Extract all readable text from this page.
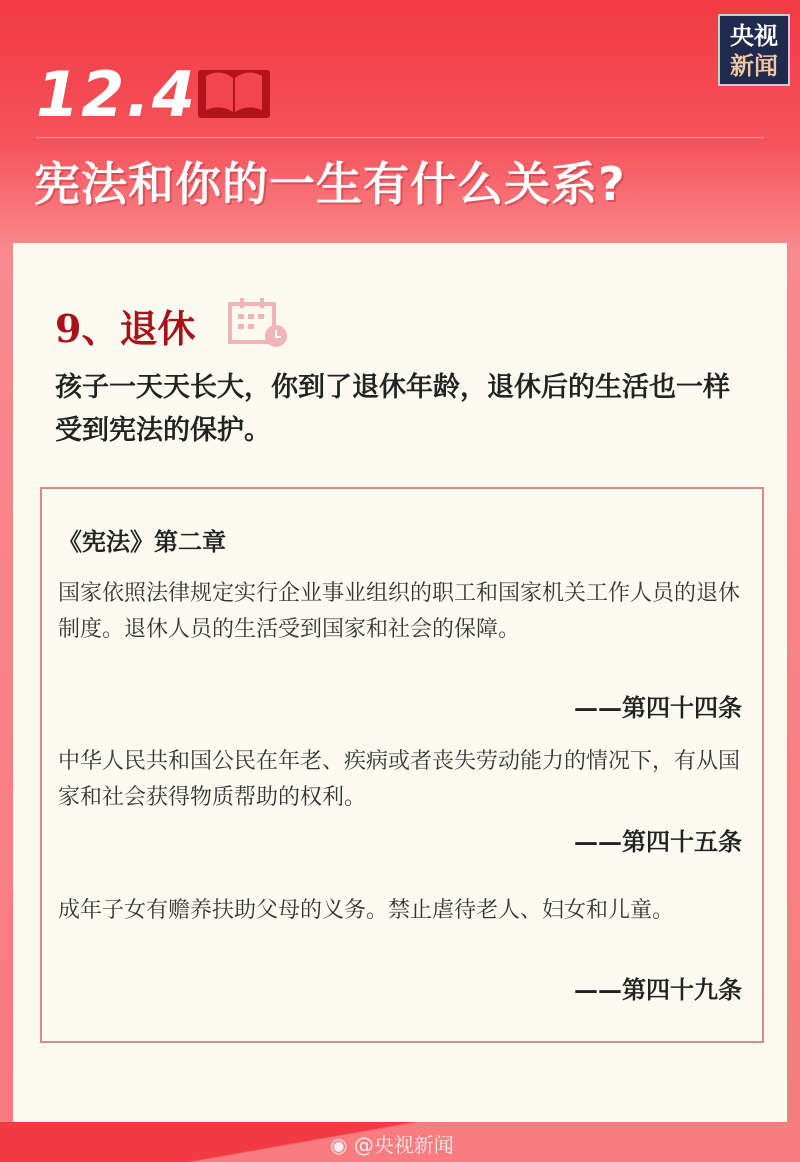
央视
新闻
12.4
宪法和你的一生有什么关系?
9、退休
孩子一天天长大，你到了退休年龄，退休后的生活也一样受到宪法的保护。
《宪法》第二章
国家依照法律规定实行企业事业组织的职工和国家机关工作人员的退休制度。退休人员的生活受到国家和社会的保障。
——第四十四条
中华人民共和国公民在年老、疾病或者丧失劳动能力的情况下，有从国家和社会获得物质帮助的权利。
——第四十五条
成年子女有赡养扶助父母的义务。禁止虐待老人、妇女和儿童。
——第四十九条
◉ @央视新闻
